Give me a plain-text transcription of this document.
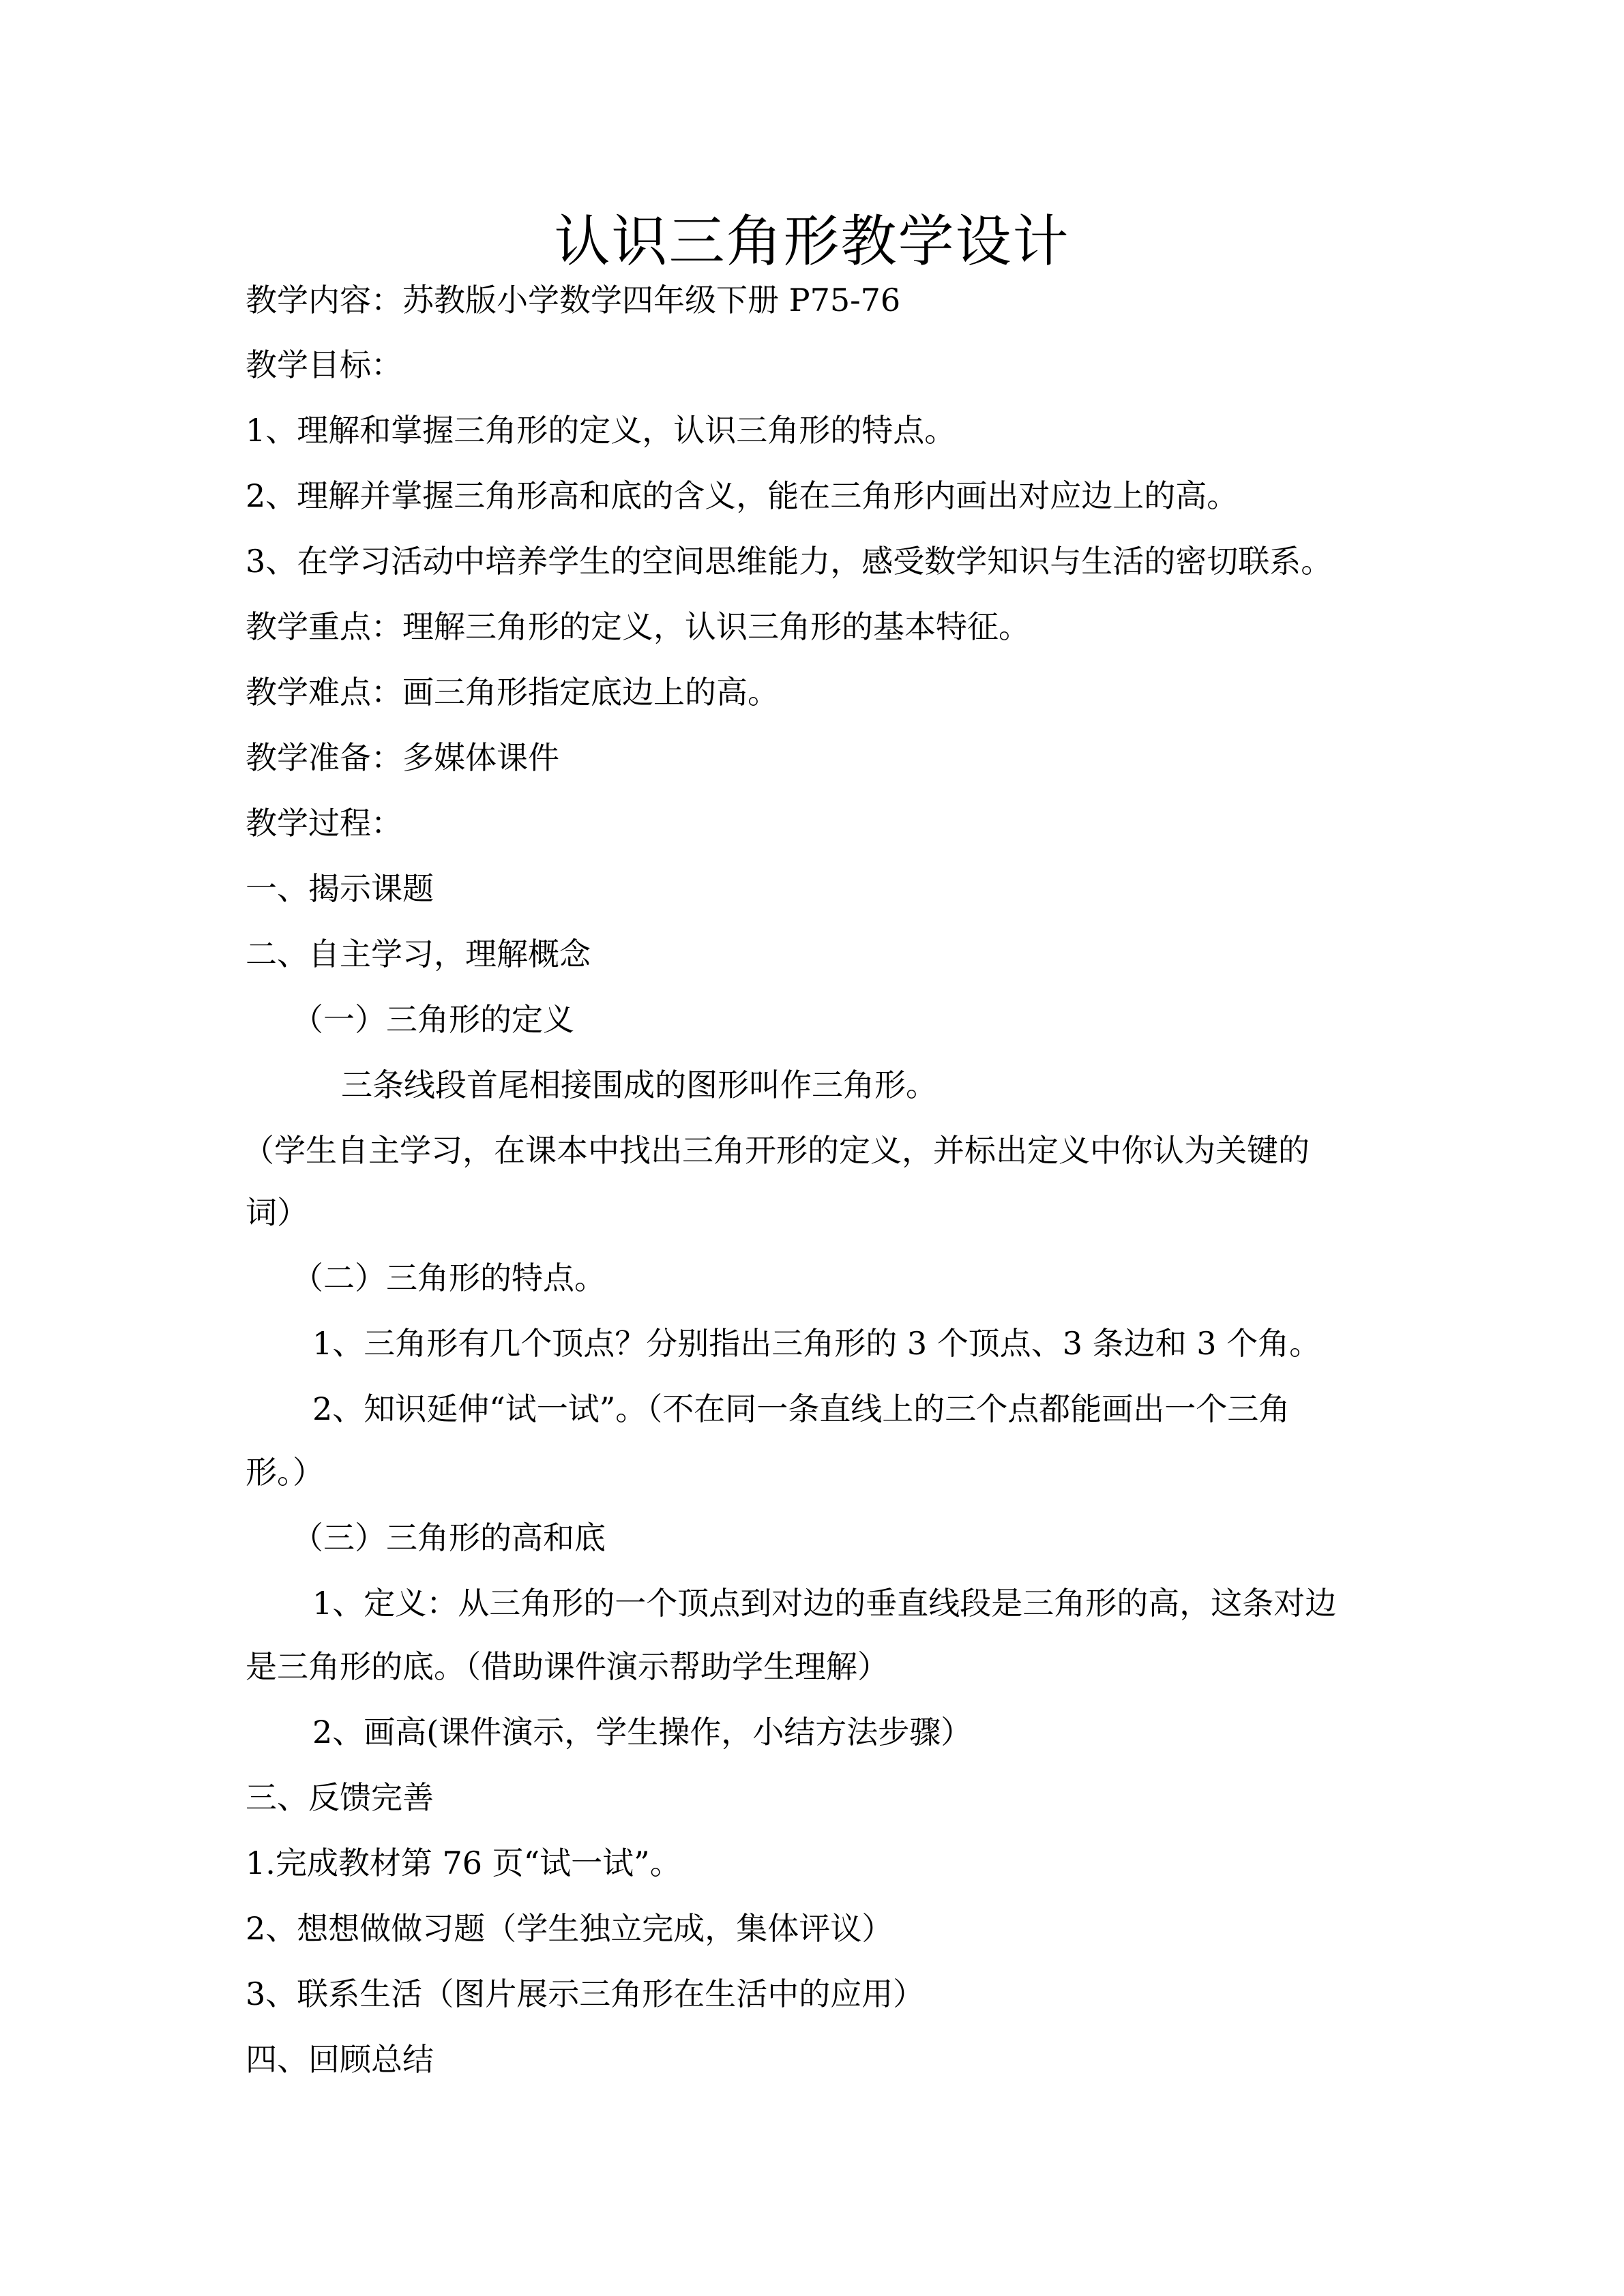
认识三角形教学设计
教学内容：苏教版小学数学四年级下册 P75-76
教学目标：
1、理解和掌握三角形的定义，认识三角形的特点。
2、理解并掌握三角形高和底的含义，能在三角形内画出对应边上的高。
3、在学习活动中培养学生的空间思维能力，感受数学知识与生活的密切联系。
教学重点：理解三角形的定义，认识三角形的基本特征。
教学难点：画三角形指定底边上的高。
教学准备：多媒体课件
教学过程：
一、揭示课题
二、自主学习，理解概念
（一）三角形的定义
三条线段首尾相接围成的图形叫作三角形。
（学生自主学习，在课本中找出三角开形的定义，并标出定义中你认为关键的
词）
（二）三角形的特点。
1、三角形有几个顶点？分别指出三角形的 3 个顶点、3 条边和 3 个角。
2、知识延伸“试一试”。（不在同一条直线上的三个点都能画出一个三角
形。）
（三）三角形的高和底
1、定义：从三角形的一个顶点到对边的垂直线段是三角形的高，这条对边
是三角形的底。（借助课件演示帮助学生理解）
2、画高(课件演示，学生操作，小结方法步骤）
三、反馈完善
1.完成教材第 76 页“试一试”。
2、想想做做习题（学生独立完成，集体评议）
3、联系生活（图片展示三角形在生活中的应用）
四、回顾总结
